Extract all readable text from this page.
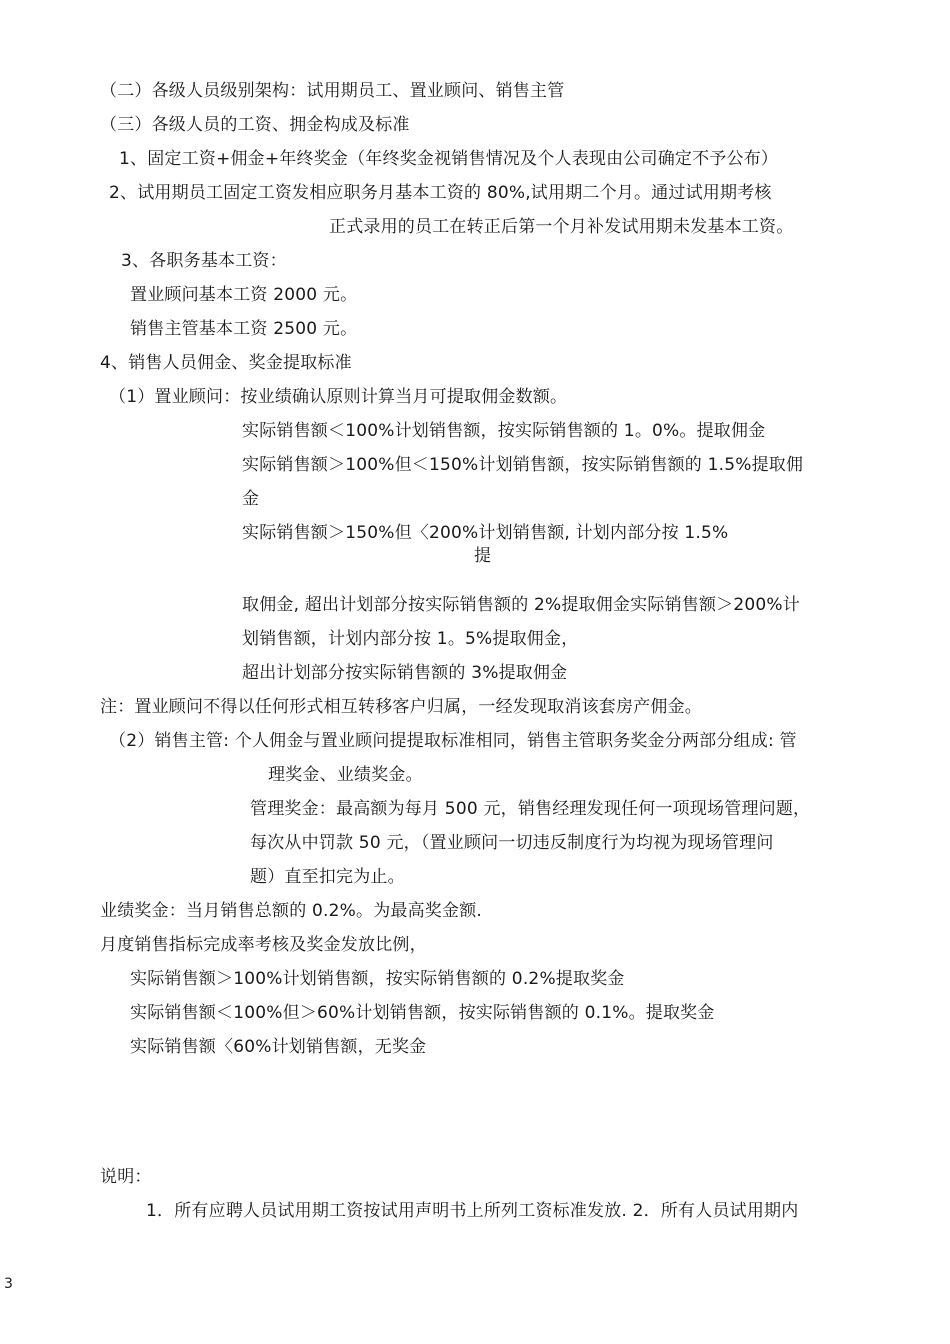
（二）各级人员级别架构：试用期员工、置业顾问、销售主管
（三）各级人员的工资、拥金构成及标准
1、固定工资+佣金+年终奖金（年终奖金视销售情况及个人表现由公司确定不予公布）
2、试用期员工固定工资发相应职务月基本工资的 80%,试用期二个月。通过试用期考核
正式录用的员工在转正后第一个月补发试用期未发基本工资。
3、各职务基本工资：
置业顾问基本工资 2000 元。
销售主管基本工资 2500 元。
4、销售人员佣金、奖金提取标准
（1）置业顾问：按业绩确认原则计算当月可提取佣金数额。
实际销售额＜100%计划销售额，按实际销售额的 1。0%。提取佣金
实际销售额＞100%但＜150%计划销售额，按实际销售额的 1.5%提取佣
金
实际销售额＞150%但〈200%计划销售额, 计划内部分按 1.5%
提
取佣金, 超出计划部分按实际销售额的 2%提取佣金实际销售额＞200%计
划销售额，计划内部分按 1。5%提取佣金，
超出计划部分按实际销售额的 3%提取佣金
注：置业顾问不得以任何形式相互转移客户归属，一经发现取消该套房产佣金。
（2）销售主管: 个人佣金与置业顾问提提取标准相同，销售主管职务奖金分两部分组成: 管
理奖金、业绩奖金。
管理奖金：最高额为每月 500 元，销售经理发现任何一项现场管理问题，
每次从中罚款 50 元，（置业顾问一切违反制度行为均视为现场管理问
题）直至扣完为止。
业绩奖金：当月销售总额的 0.2%。为最高奖金额.
月度销售指标完成率考核及奖金发放比例，
实际销售额＞100%计划销售额，按实际销售额的 0.2%提取奖金
实际销售额＜100%但＞60%计划销售额，按实际销售额的 0.1%。提取奖金
实际销售额〈60%计划销售额，无奖金
说明：
1．所有应聘人员试用期工资按试用声明书上所列工资标准发放. 2．所有人员试用期内
3
